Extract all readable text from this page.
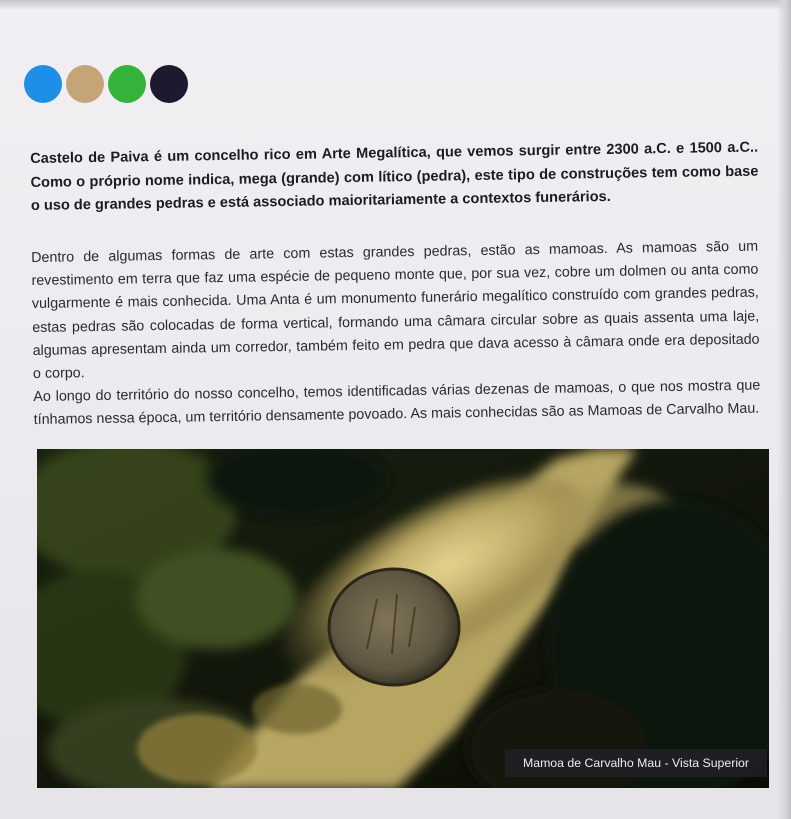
Castelo de Paiva é um concelho rico em Arte Megalítica, que vemos surgir entre 2300 a.C. e 1500 a.C.. Como o próprio nome indica, mega (grande) com lítico (pedra), este tipo de construções tem como base o uso de grandes pedras e está associado maioritariamente a contextos funerários.

Dentro de algumas formas de arte com estas grandes pedras, estão as mamoas. As mamoas são um revestimento em terra que faz uma espécie de pequeno monte que, por sua vez, cobre um dolmen ou anta como vulgarmente é mais conhecida. Uma Anta é um monumento funerário megalítico construído com grandes pedras, estas pedras são colocadas de forma vertical, formando uma câmara circular sobre as quais assenta uma laje, algumas apresentam ainda um corredor, também feito em pedra que dava acesso à câmara onde era depositado o corpo.

Ao longo do território do nosso concelho, temos identificadas várias dezenas de mamoas, o que nos mostra que tínhamos nessa época, um território densamente povoado. As mais conhecidas são as Mamoas de Carvalho Mau.

Mamoa de Carvalho Mau - Vista Superior
